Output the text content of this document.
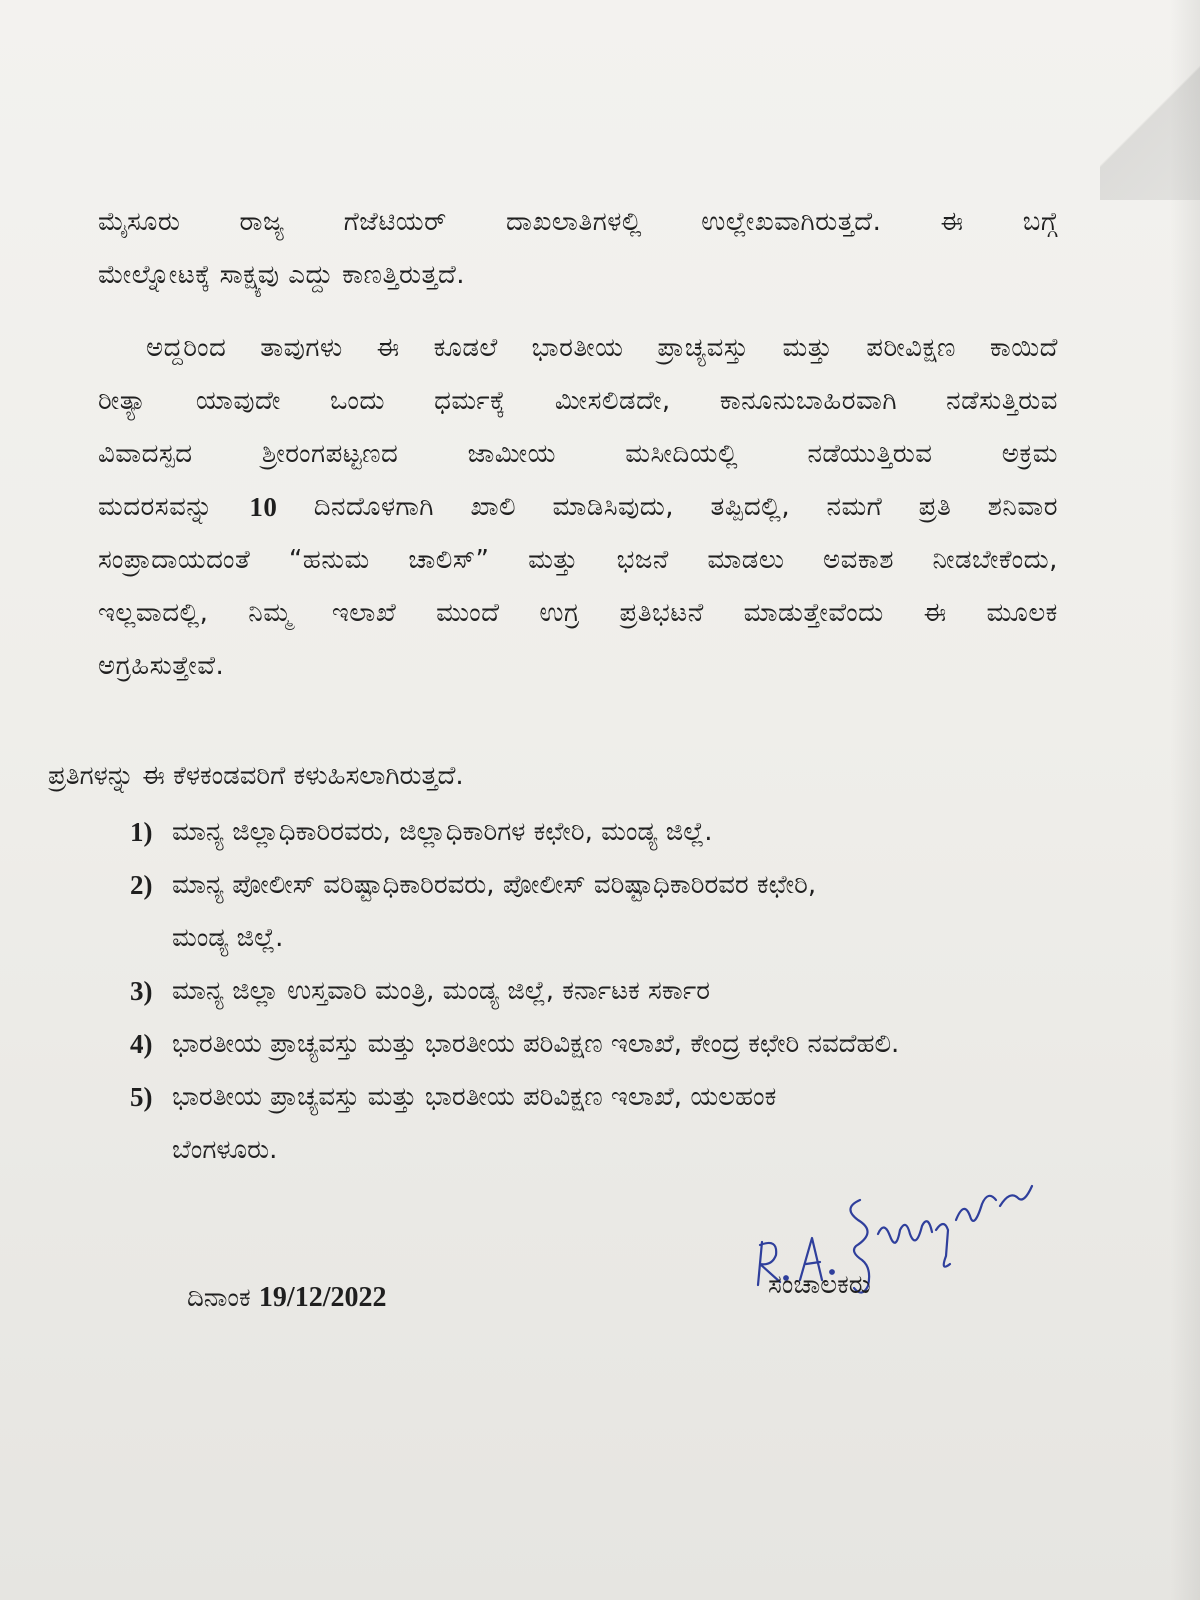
ಮೈಸೂರು ರಾಜ್ಯ ಗೆಜೆಟಿಯರ್ ದಾಖಲಾತಿಗಳಲ್ಲಿ ಉಲ್ಲೇಖವಾಗಿರುತ್ತದೆ. ಈ ಬಗ್ಗೆ
ಮೇಲ್ನೋಟಕ್ಕೆ ಸಾಕ್ಷ್ಯವು ಎದ್ದು ಕಾಣತ್ತಿರುತ್ತದೆ.
ಅದ್ದರಿಂದ ತಾವುಗಳು ಈ ಕೂಡಲೆ ಭಾರತೀಯ ಪ್ರಾಚ್ಯವಸ್ತು ಮತ್ತು ಪರೀವಿಕ್ಷಣ ಕಾಯಿದೆ
ರೀತ್ಯಾ ಯಾವುದೇ ಒಂದು ಧರ್ಮಕ್ಕೆ ಮೀಸಲಿಡದೇ, ಕಾನೂನುಬಾಹಿರವಾಗಿ ನಡೆಸುತ್ತಿರುವ
ವಿವಾದಸ್ಪದ	ಶ್ರೀರಂಗಪಟ್ಟಣದ	ಜಾಮೀಯ	ಮಸೀದಿಯಲ್ಲಿ	ನಡೆಯುತ್ತಿರುವ	ಅಕ್ರಮ
ಮದರಸವನ್ನು 10 ದಿನದೊಳಗಾಗಿ ಖಾಲಿ ಮಾಡಿಸಿವುದು, ತಪ್ಪಿದಲ್ಲಿ, ನಮಗೆ ಪ್ರತಿ ಶನಿವಾರ
ಸಂಪ್ರಾದಾಯದಂತೆ “ಹನುಮ ಚಾಲಿಸ್” ಮತ್ತು ಭಜನೆ ಮಾಡಲು ಅವಕಾಶ ನೀಡಬೇಕೆಂದು,
ಇಲ್ಲವಾದಲ್ಲಿ, ನಿಮ್ಮ ಇಲಾಖೆ ಮುಂದೆ ಉಗ್ರ ಪ್ರತಿಭಟನೆ ಮಾಡುತ್ತೇವೆಂದು ಈ ಮೂಲಕ
ಅಗ್ರಹಿಸುತ್ತೇವೆ.
ಪ್ರತಿಗಳನ್ನು ಈ ಕೆಳಕಂಡವರಿಗೆ ಕಳುಹಿಸಲಾಗಿರುತ್ತದೆ.
1) ಮಾನ್ಯ ಜಿಲ್ಲಾಧಿಕಾರಿರವರು, ಜಿಲ್ಲಾಧಿಕಾರಿಗಳ ಕಛೇರಿ, ಮಂಡ್ಯ ಜಿಲ್ಲೆ.
2) ಮಾನ್ಯ ಪೋಲೀಸ್ ವರಿಷ್ಟಾಧಿಕಾರಿರವರು, ಪೋಲೀಸ್ ವರಿಷ್ಟಾಧಿಕಾರಿರವರ ಕಛೇರಿ,
ಮಂಡ್ಯ ಜಿಲ್ಲೆ.
3) ಮಾನ್ಯ ಜಿಲ್ಲಾ ಉಸ್ತವಾರಿ ಮಂತ್ರಿ, ಮಂಡ್ಯ ಜಿಲ್ಲೆ, ಕರ್ನಾಟಕ ಸರ್ಕಾರ
4) ಭಾರತೀಯ ಪ್ರಾಚ್ಯವಸ್ತು ಮತ್ತು ಭಾರತೀಯ ಪರಿವಿಕ್ಷಣ ಇಲಾಖೆ, ಕೇಂದ್ರ ಕಛೇರಿ ನವದೆಹಲಿ.
5) ಭಾರತೀಯ ಪ್ರಾಚ್ಯವಸ್ತು ಮತ್ತು ಭಾರತೀಯ ಪರಿವಿಕ್ಷಣ ಇಲಾಖೆ, ಯಲಹಂಕ
ಬೆಂಗಳೂರು.
ದಿನಾಂಕ 19/12/2022	ಸಂಚಾಲಕರು
